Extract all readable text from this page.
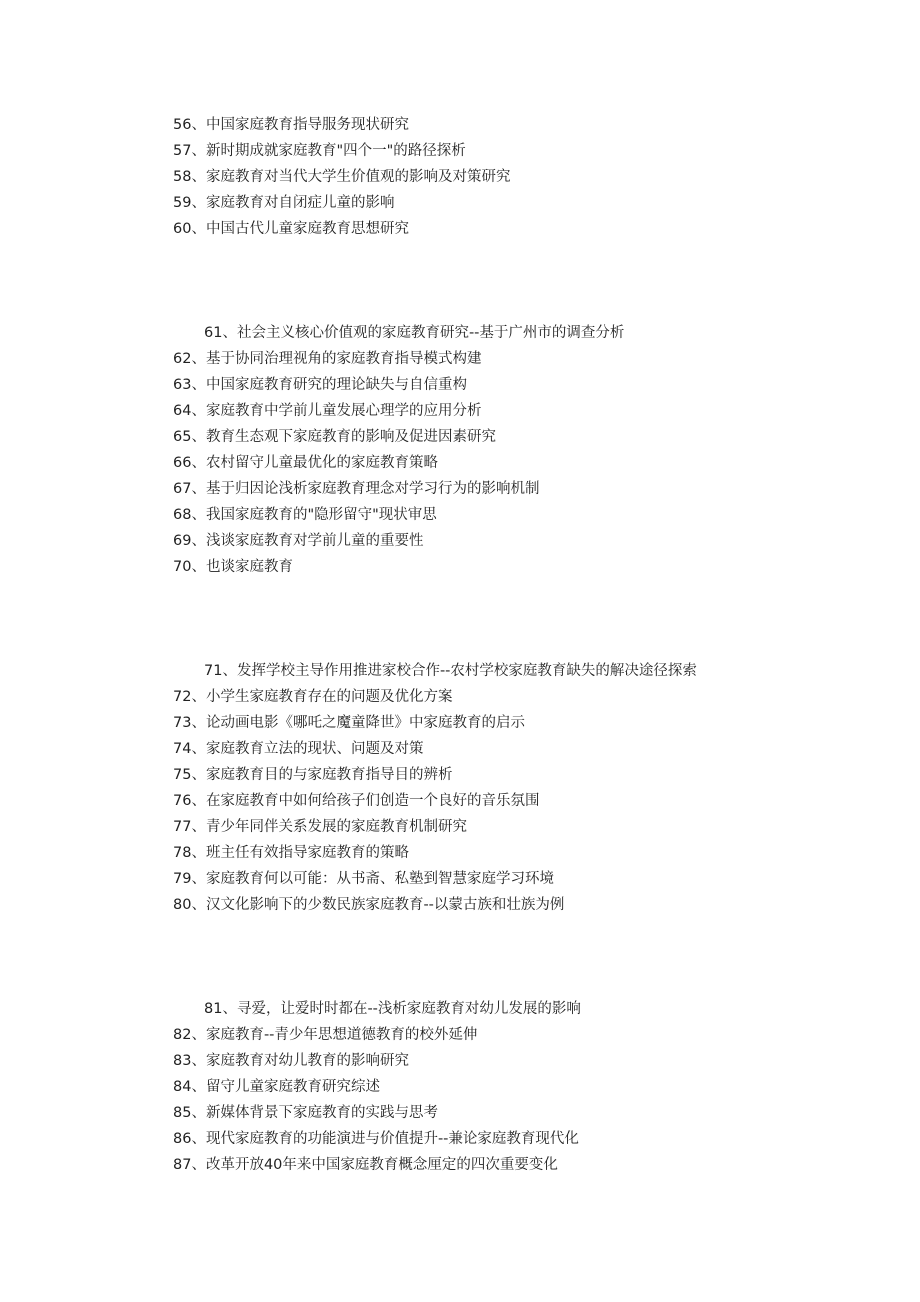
56、中国家庭教育指导服务现状研究
57、新时期成就家庭教育"四个一"的路径探析
58、家庭教育对当代大学生价值观的影响及对策研究
59、家庭教育对自闭症儿童的影响
60、中国古代儿童家庭教育思想研究
61、社会主义核心价值观的家庭教育研究--基于广州市的调查分析
62、基于协同治理视角的家庭教育指导模式构建
63、中国家庭教育研究的理论缺失与自信重构
64、家庭教育中学前儿童发展心理学的应用分析
65、教育生态观下家庭教育的影响及促进因素研究
66、农村留守儿童最优化的家庭教育策略
67、基于归因论浅析家庭教育理念对学习行为的影响机制
68、我国家庭教育的"隐形留守"现状审思
69、浅谈家庭教育对学前儿童的重要性
70、也谈家庭教育
71、发挥学校主导作用推进家校合作--农村学校家庭教育缺失的解决途径探索
72、小学生家庭教育存在的问题及优化方案
73、论动画电影《哪吒之魔童降世》中家庭教育的启示
74、家庭教育立法的现状、问题及对策
75、家庭教育目的与家庭教育指导目的辨析
76、在家庭教育中如何给孩子们创造一个良好的音乐氛围
77、青少年同伴关系发展的家庭教育机制研究
78、班主任有效指导家庭教育的策略
79、家庭教育何以可能：从书斋、私塾到智慧家庭学习环境
80、汉文化影响下的少数民族家庭教育--以蒙古族和壮族为例
81、寻爱，让爱时时都在--浅析家庭教育对幼儿发展的影响
82、家庭教育--青少年思想道德教育的校外延伸
83、家庭教育对幼儿教育的影响研究
84、留守儿童家庭教育研究综述
85、新媒体背景下家庭教育的实践与思考
86、现代家庭教育的功能演进与价值提升--兼论家庭教育现代化
87、改革开放40年来中国家庭教育概念厘定的四次重要变化
